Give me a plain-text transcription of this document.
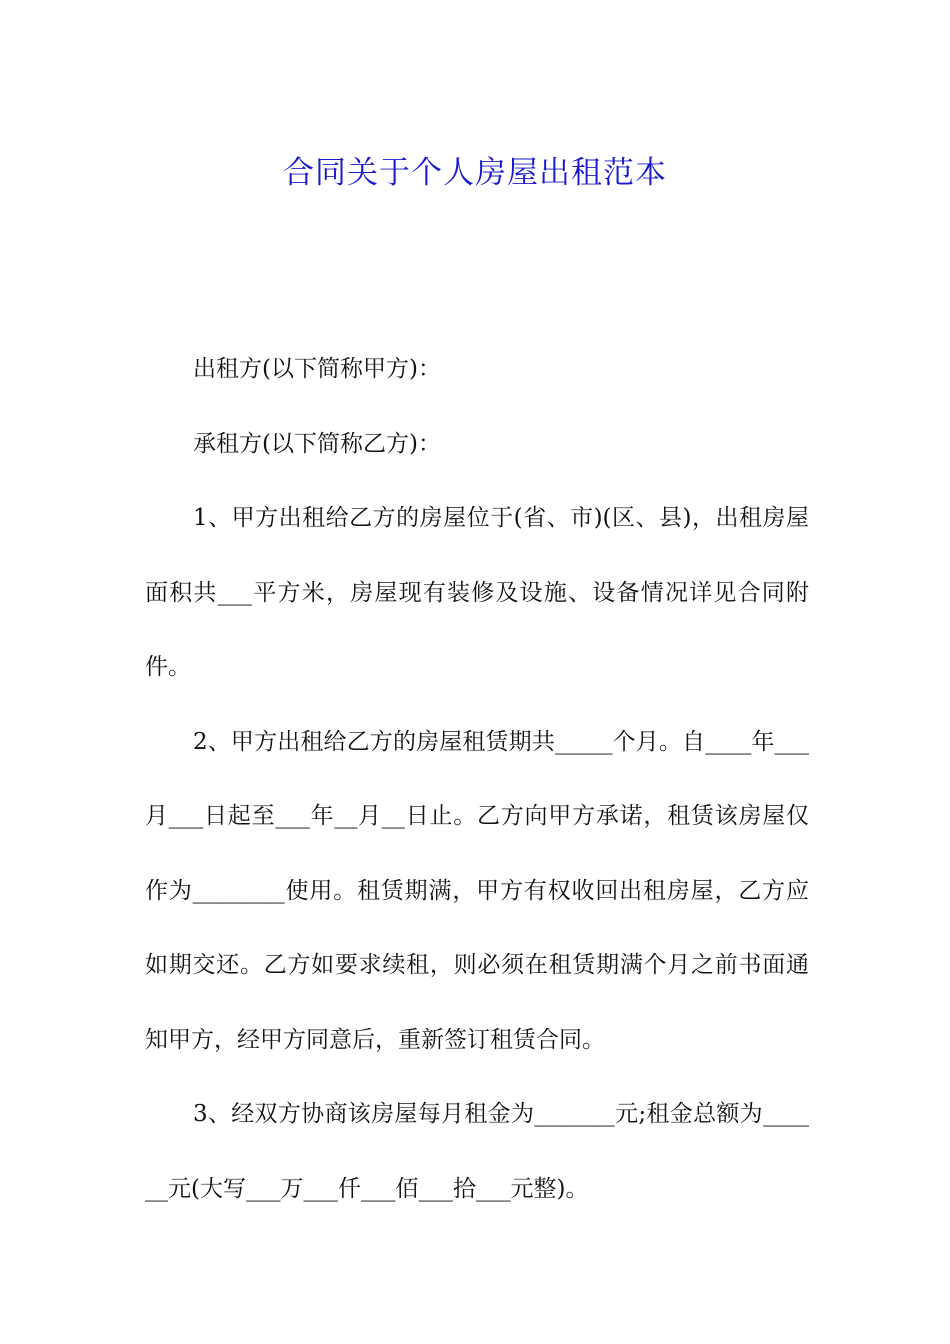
合同关于个人房屋出租范本

出租方(以下简称甲方)：

承租方(以下简称乙方)：

1、甲方出租给乙方的房屋位于(省、市)(区、县)，出租房屋面积共___平方米，房屋现有装修及设施、设备情况详见合同附件。

2、甲方出租给乙方的房屋租赁期共_____个月。自____年___月___日起至___年__月__日止。乙方向甲方承诺，租赁该房屋仅作为________使用。租赁期满，甲方有权收回出租房屋，乙方应如期交还。乙方如要求续租，则必须在租赁期满个月之前书面通知甲方，经甲方同意后，重新签订租赁合同。

3、经双方协商该房屋每月租金为_______元;租金总额为______元(大写___万___仟___佰___拾___元整)。
